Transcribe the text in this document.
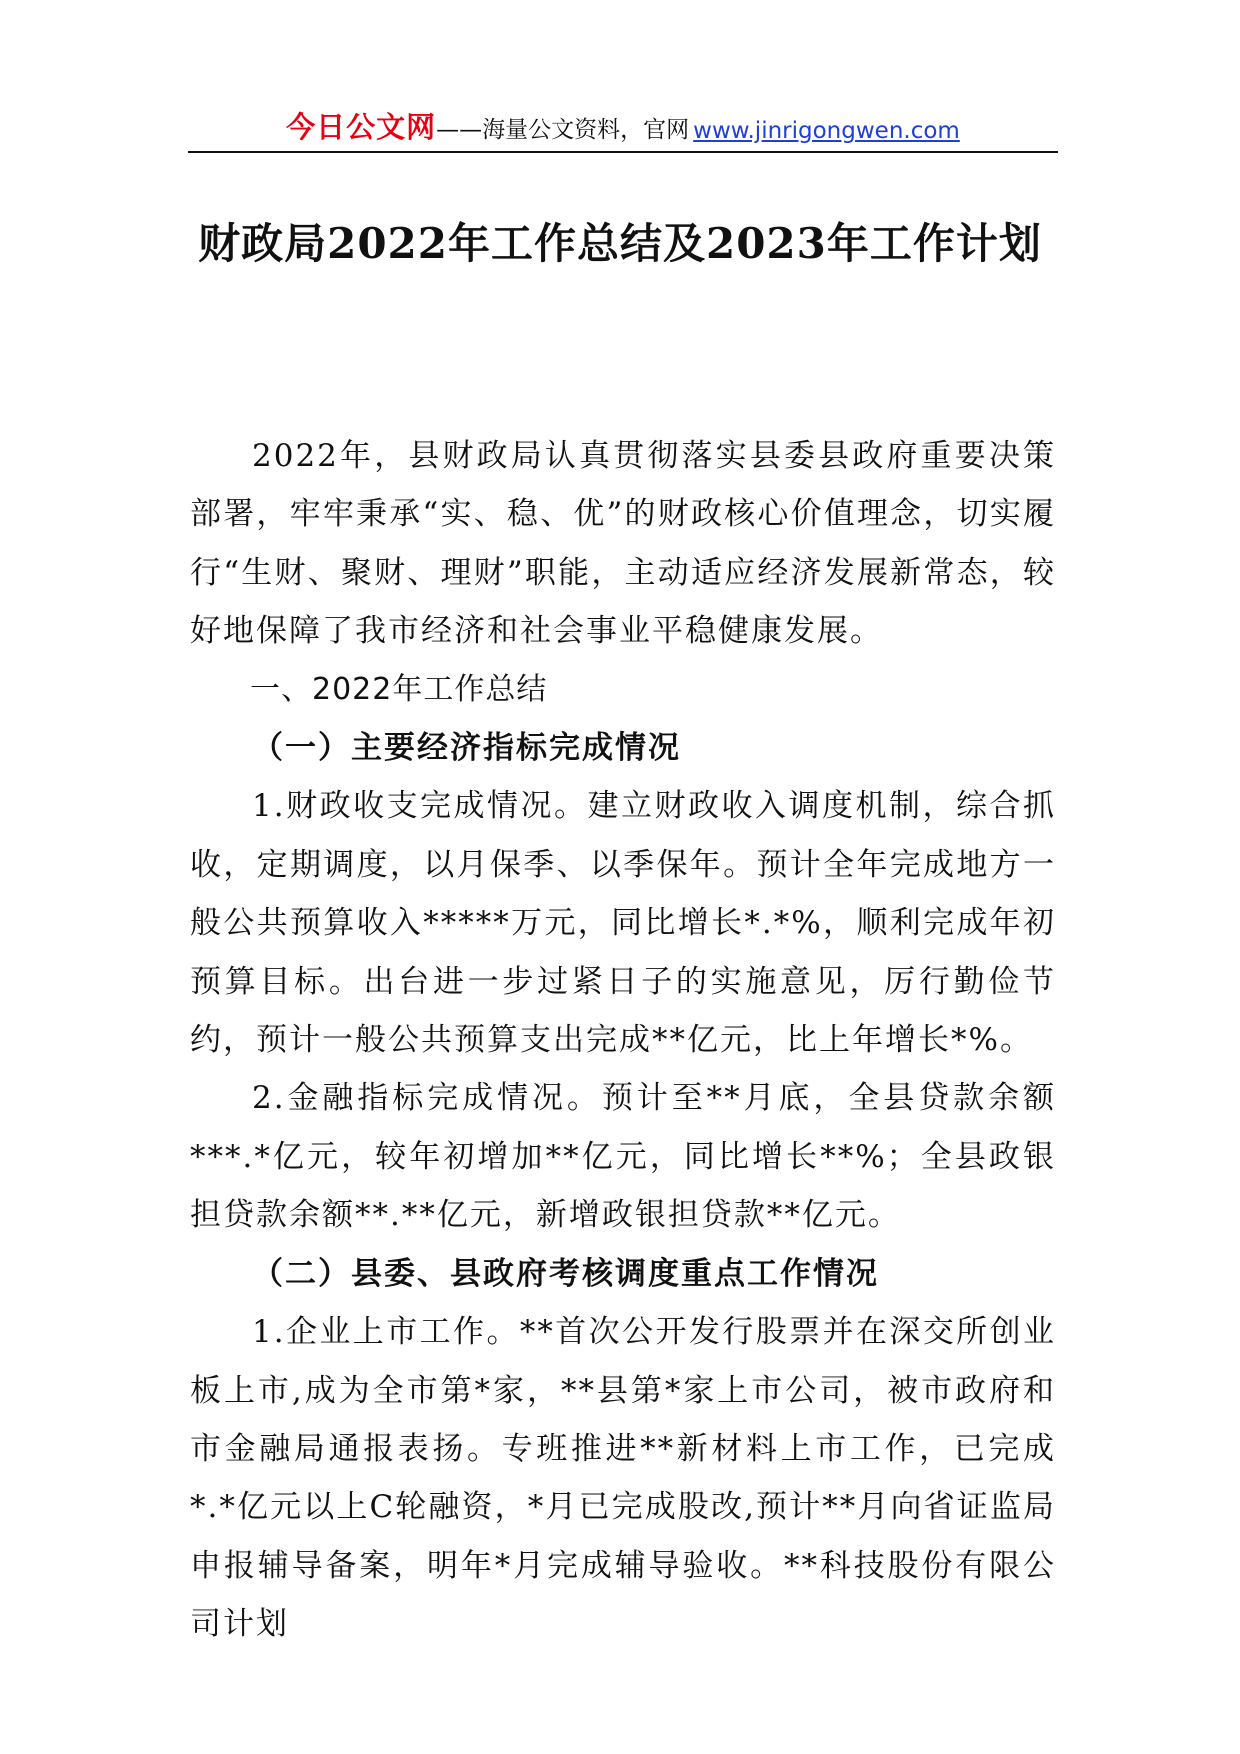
今日公文网 ——海量公文资料，官网 www.jinrigongwen.com
财政局2022年工作总结及2023年工作计划

2022年，县财政局认真贯彻落实县委县政府重要决策部署，牢牢秉承“实、稳、优”的财政核心价值理念，切实履行“生财、聚财、理财”职能，主动适应经济发展新常态，较好地保障了我市经济和社会事业平稳健康发展。

一、2022年工作总结

（一）主要经济指标完成情况

1.财政收支完成情况。建立财政收入调度机制，综合抓收，定期调度，以月保季、以季保年。预计全年完成地方一般公共预算收入*****万元，同比增长*.*%，顺利完成年初预算目标。出台进一步过紧日子的实施意见，厉行勤俭节约，预计一般公共预算支出完成**亿元，比上年增长*%。

2.金融指标完成情况。预计至**月底，全县贷款余额***.*亿元，较年初增加**亿元，同比增长**%；全县政银担贷款余额**.**亿元，新增政银担贷款**亿元。

（二）县委、县政府考核调度重点工作情况

1.企业上市工作。**首次公开发行股票并在深交所创业板上市,成为全市第*家，**县第*家上市公司，被市政府和市金融局通报表扬。专班推进**新材料上市工作，已完成*.*亿元以上C轮融资，*月已完成股改,预计**月向省证监局申报辅导备案，明年*月完成辅导验收。**科技股份有限公司计划
